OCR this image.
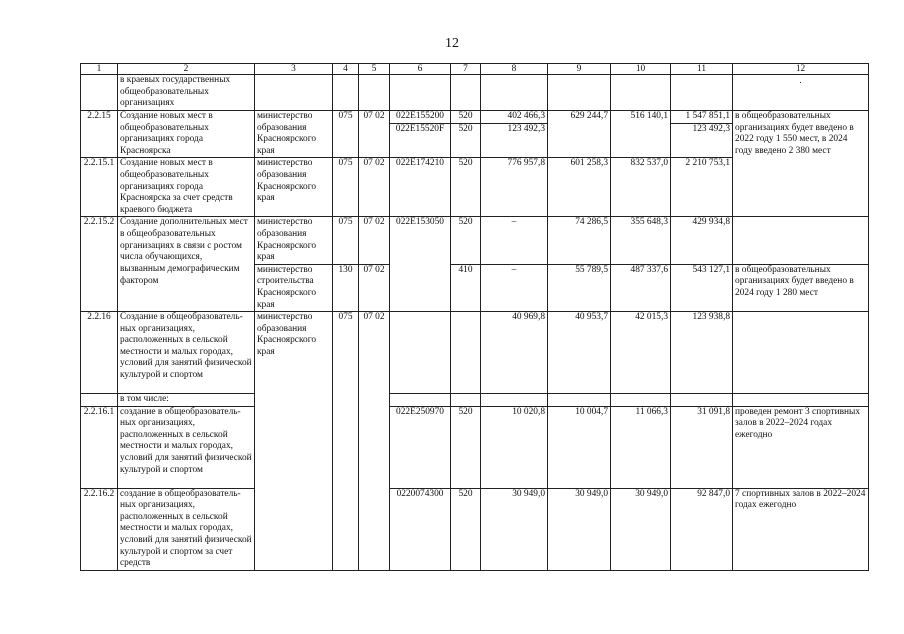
12
1	2	3	4	5	6	7	8	9	10	11	12
	в краевых государственных общеобразовательных организациях										.
2.2.15	Создание новых мест в общеобразовательных организациях города Красноярска	министерство образования Красноярского края	075	07 02	022E155200	520	402 466,3	629 244,7	516 140,1	1 547 851,1	в общеобразовательных организациях будет введено в 2022 году 1 550 мест, в 2024 году введено 2 380 мест
					022E15520F	520	123 492,3			123 492,3	
2.2.15.1	Создание новых мест в общеобразовательных организациях города Красноярска за счет средств краевого бюджета	министерство образования Красноярского края	075	07 02	022E174210	520	776 957,8	601 258,3	832 537,0	2 210 753,1	
2.2.15.2	Создание дополнительных мест в общеобразовательных организациях в связи с ростом числа обучающихся,	министерство образования Красноярского края	075	07 02	022E153050	520	–	74 286,5	355 648,3	429 934,8	
	вызванным демографическим фактором	министерство строительства Красноярского края	130	07 02		410	–	55 789,5	487 337,6	543 127,1	в общеобразовательных организациях будет введено в 2024 году 1 280 мест
2.2.16	Создание в общеобразователь-ных организациях, расположенных в сельской местности и малых городах, условий для занятий физической культурой и спортом	министерство образования Красноярского края	075	07 02			40 969,8	40 953,7	42 015,3	123 938,8	
	в том числе:										
2.2.16.1	создание в общеобразователь-ных организациях, расположенных в сельской местности и малых городах, условий для занятий физической культурой и спортом				022E250970	520	10 020,8	10 004,7	11 066,3	31 091,8	проведен ремонт 3 спортивных залов в 2022–2024 годах ежегодно
2.2.16.2	создание в общеобразователь-ных организациях, расположенных в сельской местности и малых городах, условий для занятий физической культурой и спортом за счет средств				0220074300	520	30 949,0	30 949,0	30 949,0	92 847,0	7 спортивных залов в 2022–2024 годах ежегодно
